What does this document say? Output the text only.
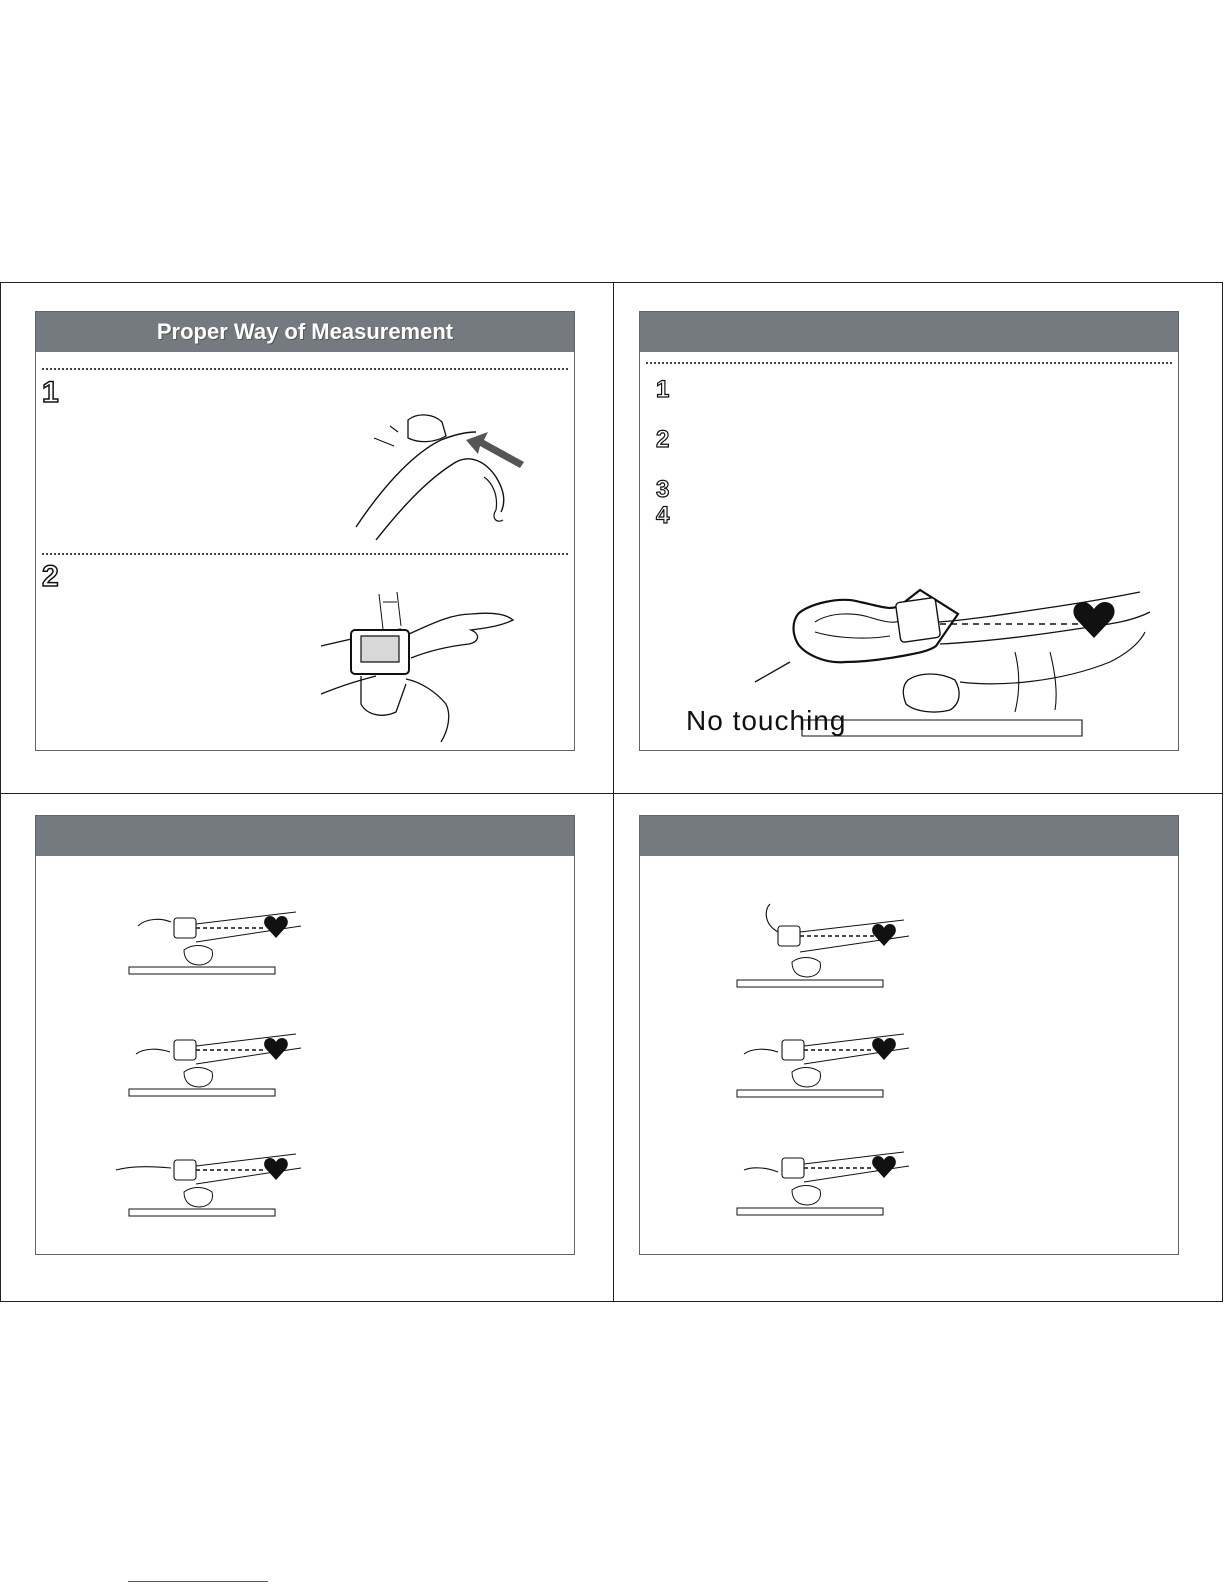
Proper Way of Measurement
1
2
1
2
3
4
No touching
